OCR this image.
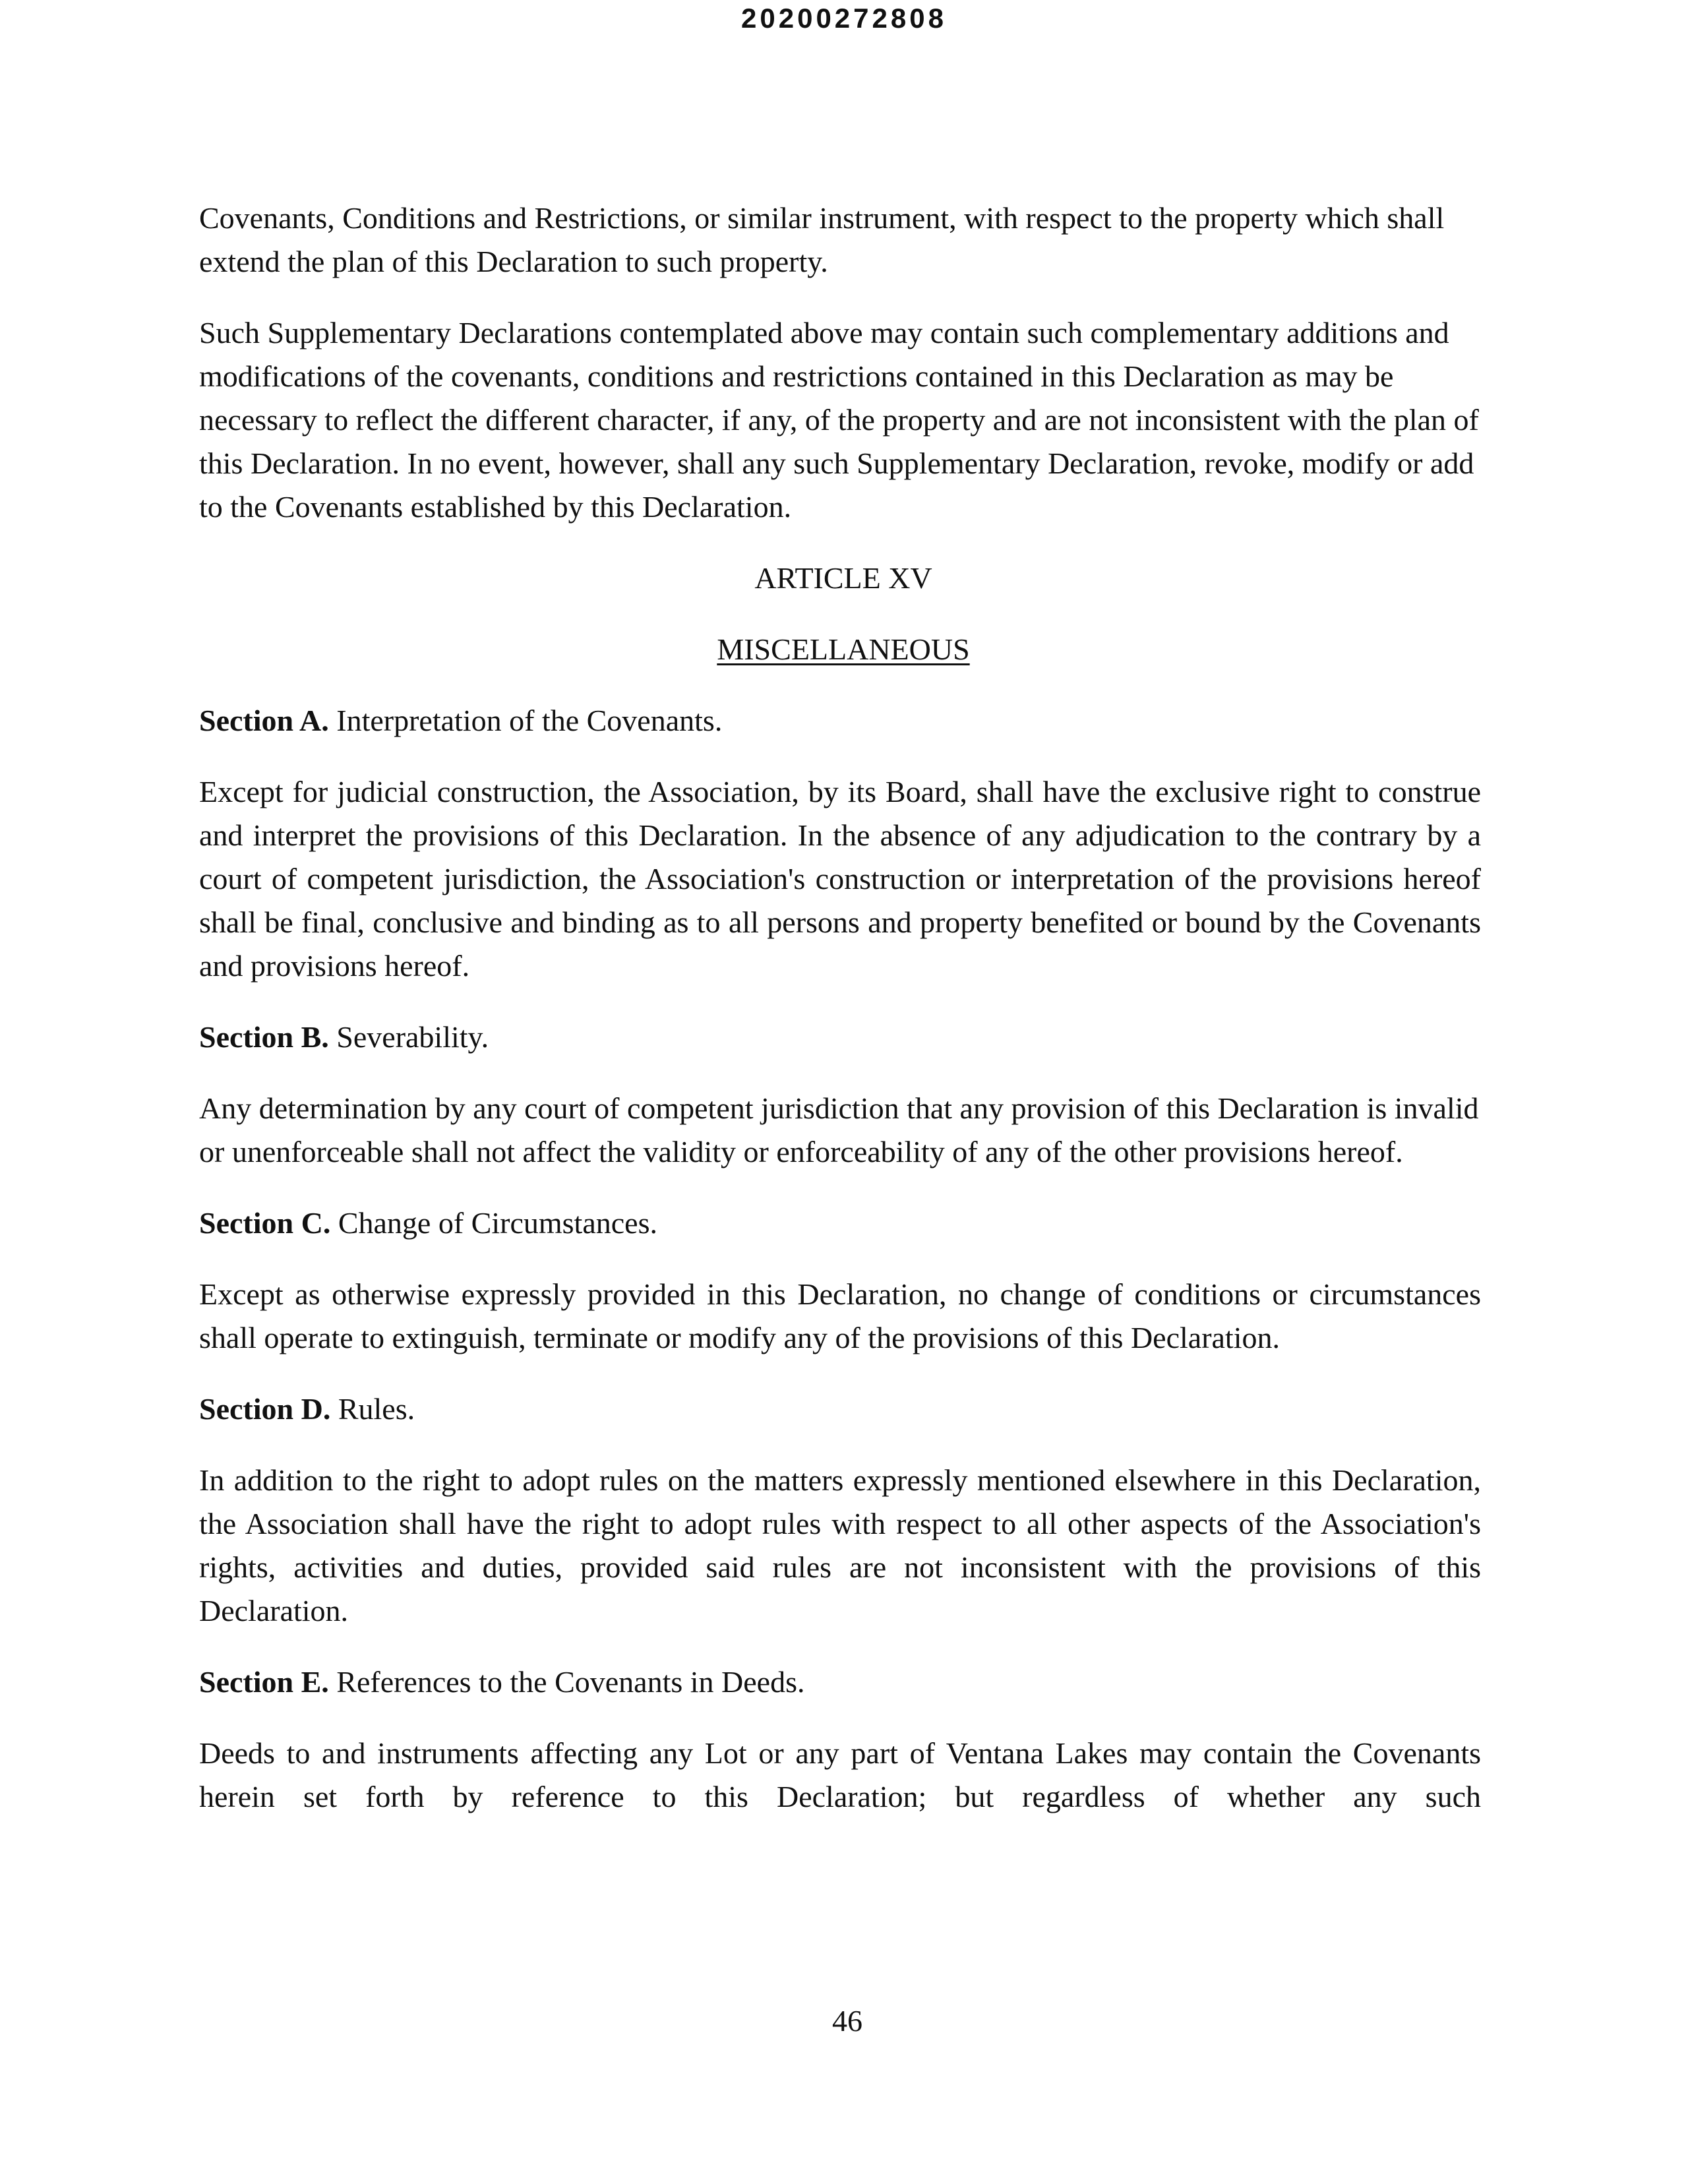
20200272808

Covenants, Conditions and Restrictions, or similar instrument, with respect to the property which shall extend the plan of this Declaration to such property.

Such Supplementary Declarations contemplated above may contain such complementary additions and modifications of the covenants, conditions and restrictions contained in this Declaration as may be necessary to reflect the different character, if any, of the property and are not inconsistent with the plan of this Declaration. In no event, however, shall any such Supplementary Declaration, revoke, modify or add to the Covenants established by this Declaration.

ARTICLE XV
MISCELLANEOUS
Section A. Interpretation of the Covenants.

Except for judicial construction, the Association, by its Board, shall have the exclusive right to construe and interpret the provisions of this Declaration. In the absence of any adjudication to the contrary by a court of competent jurisdiction, the Association's construction or interpretation of the provisions hereof shall be final, conclusive and binding as to all persons and property benefited or bound by the Covenants and provisions hereof.

Section B. Severability.

Any determination by any court of competent jurisdiction that any provision of this Declaration is invalid or unenforceable shall not affect the validity or enforceability of any of the other provisions hereof.

Section C. Change of Circumstances.

Except as otherwise expressly provided in this Declaration, no change of conditions or circumstances shall operate to extinguish, terminate or modify any of the provisions of this Declaration.

Section D. Rules.

In addition to the right to adopt rules on the matters expressly mentioned elsewhere in this Declaration, the Association shall have the right to adopt rules with respect to all other aspects of the Association's rights, activities and duties, provided said rules are not inconsistent with the provisions of this Declaration.

Section E. References to the Covenants in Deeds.

Deeds to and instruments affecting any Lot or any part of Ventana Lakes may contain the Covenants herein set forth by reference to this Declaration; but regardless of whether any such

46
